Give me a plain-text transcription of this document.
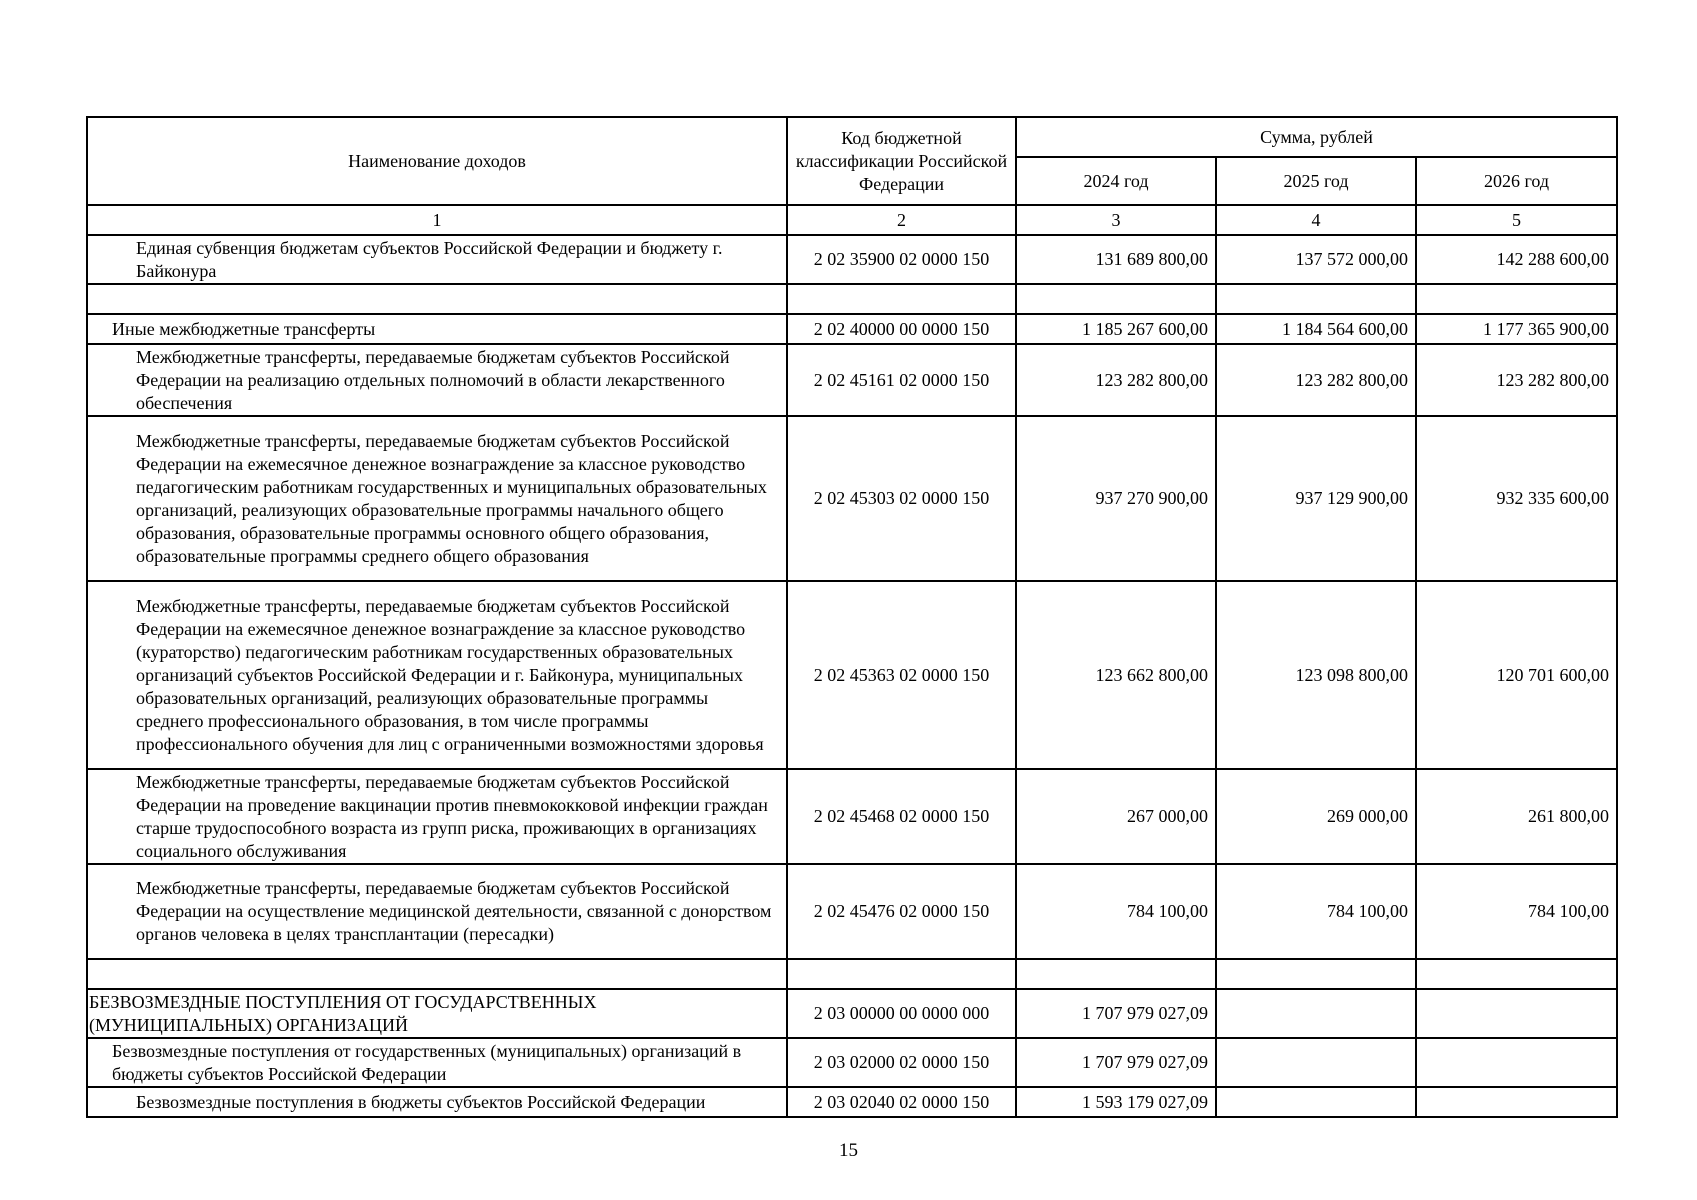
Наименование доходов	Код бюджетной классификации Российской Федерации	Сумма, рублей		
		2024 год	2025 год	2026 год
1	2	3	4	5
Единая субвенция бюджетам субъектов Российской Федерации и бюджету г. Байконура	2 02 35900 02 0000 150	131 689 800,00	137 572 000,00	142 288 600,00

Иные межбюджетные трансферты	2 02 40000 00 0000 150	1 185 267 600,00	1 184 564 600,00	1 177 365 900,00
Межбюджетные трансферты, передаваемые бюджетам субъектов Российской Федерации на реализацию отдельных полномочий в области лекарственного обеспечения	2 02 45161 02 0000 150	123 282 800,00	123 282 800,00	123 282 800,00
Межбюджетные трансферты, передаваемые бюджетам субъектов Российской Федерации на ежемесячное денежное вознаграждение за классное руководство педагогическим работникам государственных и муниципальных образовательных организаций, реализующих образовательные программы начального общего образования, образовательные программы основного общего образования, образовательные программы среднего общего образования	2 02 45303 02 0000 150	937 270 900,00	937 129 900,00	932 335 600,00
Межбюджетные трансферты, передаваемые бюджетам субъектов Российской Федерации на ежемесячное денежное вознаграждение за классное руководство (кураторство) педагогическим работникам государственных образовательных организаций субъектов Российской Федерации и г. Байконура, муниципальных образовательных организаций, реализующих образовательные программы среднего профессионального образования, в том числе программы профессионального обучения для лиц с ограниченными возможностями здоровья	2 02 45363 02 0000 150	123 662 800,00	123 098 800,00	120 701 600,00
Межбюджетные трансферты, передаваемые бюджетам субъектов Российской Федерации на проведение вакцинации против пневмококковой инфекции граждан старше трудоспособного возраста из групп риска, проживающих в организациях социального обслуживания	2 02 45468 02 0000 150	267 000,00	269 000,00	261 800,00
Межбюджетные трансферты, передаваемые бюджетам субъектов Российской Федерации на осуществление медицинской деятельности, связанной с донорством органов человека в целях трансплантации (пересадки)	2 02 45476 02 0000 150	784 100,00	784 100,00	784 100,00

БЕЗВОЗМЕЗДНЫЕ ПОСТУПЛЕНИЯ ОТ ГОСУДАРСТВЕННЫХ (МУНИЦИПАЛЬНЫХ) ОРГАНИЗАЦИЙ	2 03 00000 00 0000 000	1 707 979 027,09		
Безвозмездные поступления от государственных (муниципальных) организаций в бюджеты субъектов Российской Федерации	2 03 02000 02 0000 150	1 707 979 027,09		
Безвозмездные поступления в бюджеты субъектов Российской Федерации	2 03 02040 02 0000 150	1 593 179 027,09		
15
